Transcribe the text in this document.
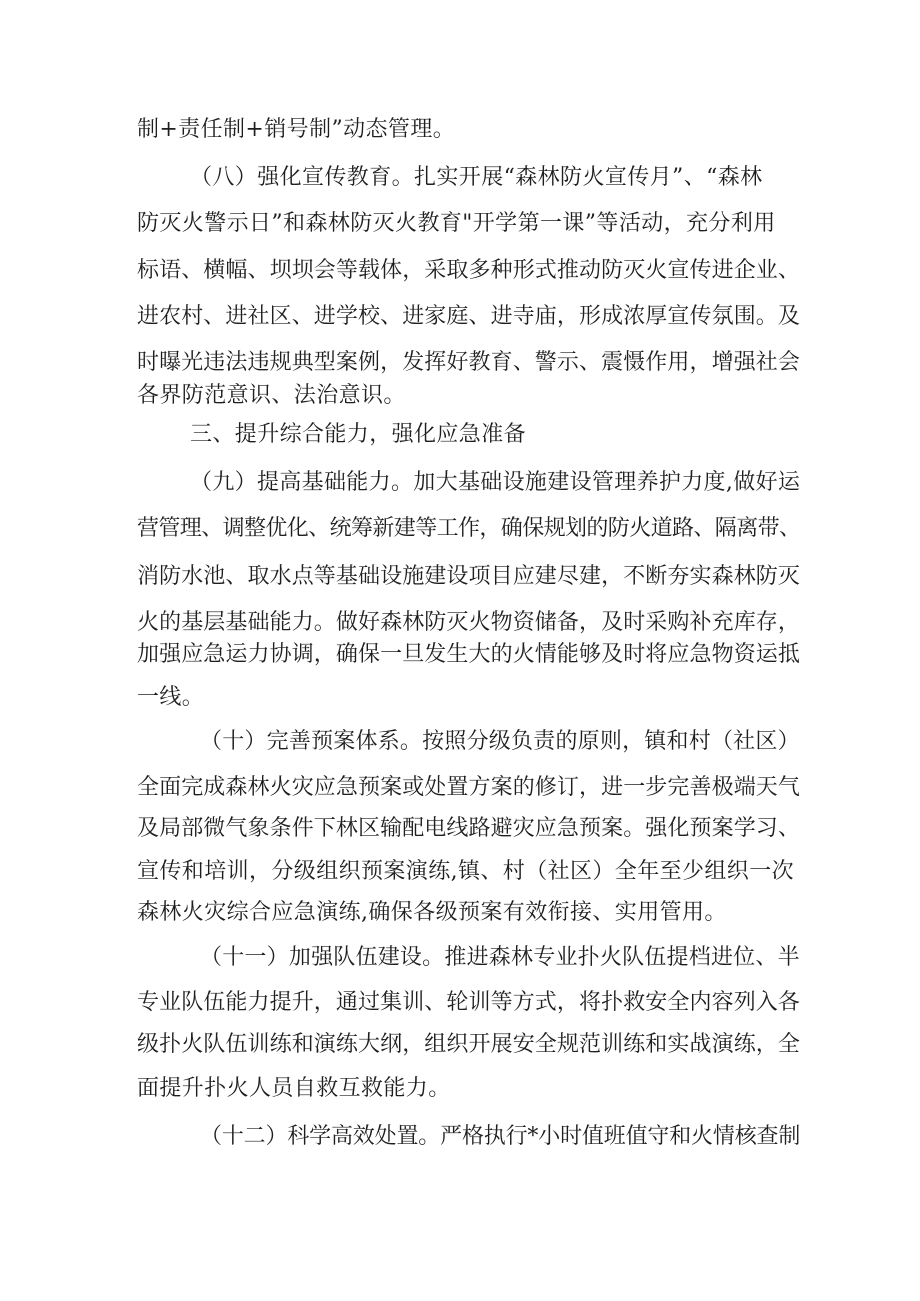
制+责任制+销号制”动态管理。

（八）强化宣传教育。扎实开展“森林防火宣传月”、“森林

防灭火警示日”和森林防灭火教育"开学第一课”等活动，充分利用

标语、横幅、坝坝会等载体，采取多种形式推动防灭火宣传进企业、

进农村、进社区、进学校、进家庭、进寺庙，形成浓厚宣传氛围。及

时曝光违法违规典型案例，发挥好教育、警示、震慑作用，增强社会

各界防范意识、法治意识。

三、提升综合能力，强化应急准备

（九）提高基础能力。加大基础设施建设管理养护力度,做好运

营管理、调整优化、统筹新建等工作，确保规划的防火道路、隔离带、

消防水池、取水点等基础设施建设项目应建尽建，不断夯实森林防灭

火的基层基础能力。做好森林防灭火物资储备，及时采购补充库存，

加强应急运力协调，确保一旦发生大的火情能够及时将应急物资运抵

一线。

（十）完善预案体系。按照分级负责的原则，镇和村（社区）

全面完成森林火灾应急预案或处置方案的修订，进一步完善极端天气

及局部微气象条件下林区输配电线路避灾应急预案。强化预案学习、

宣传和培训，分级组织预案演练,镇、村（社区）全年至少组织一次

森林火灾综合应急演练,确保各级预案有效衔接、实用管用。

（十一）加强队伍建设。推进森林专业扑火队伍提档进位、半

专业队伍能力提升，通过集训、轮训等方式，将扑救安全内容列入各

级扑火队伍训练和演练大纲，组织开展安全规范训练和实战演练，全

面提升扑火人员自救互救能力。

（十二）科学高效处置。严格执行*小时值班值守和火情核查制
